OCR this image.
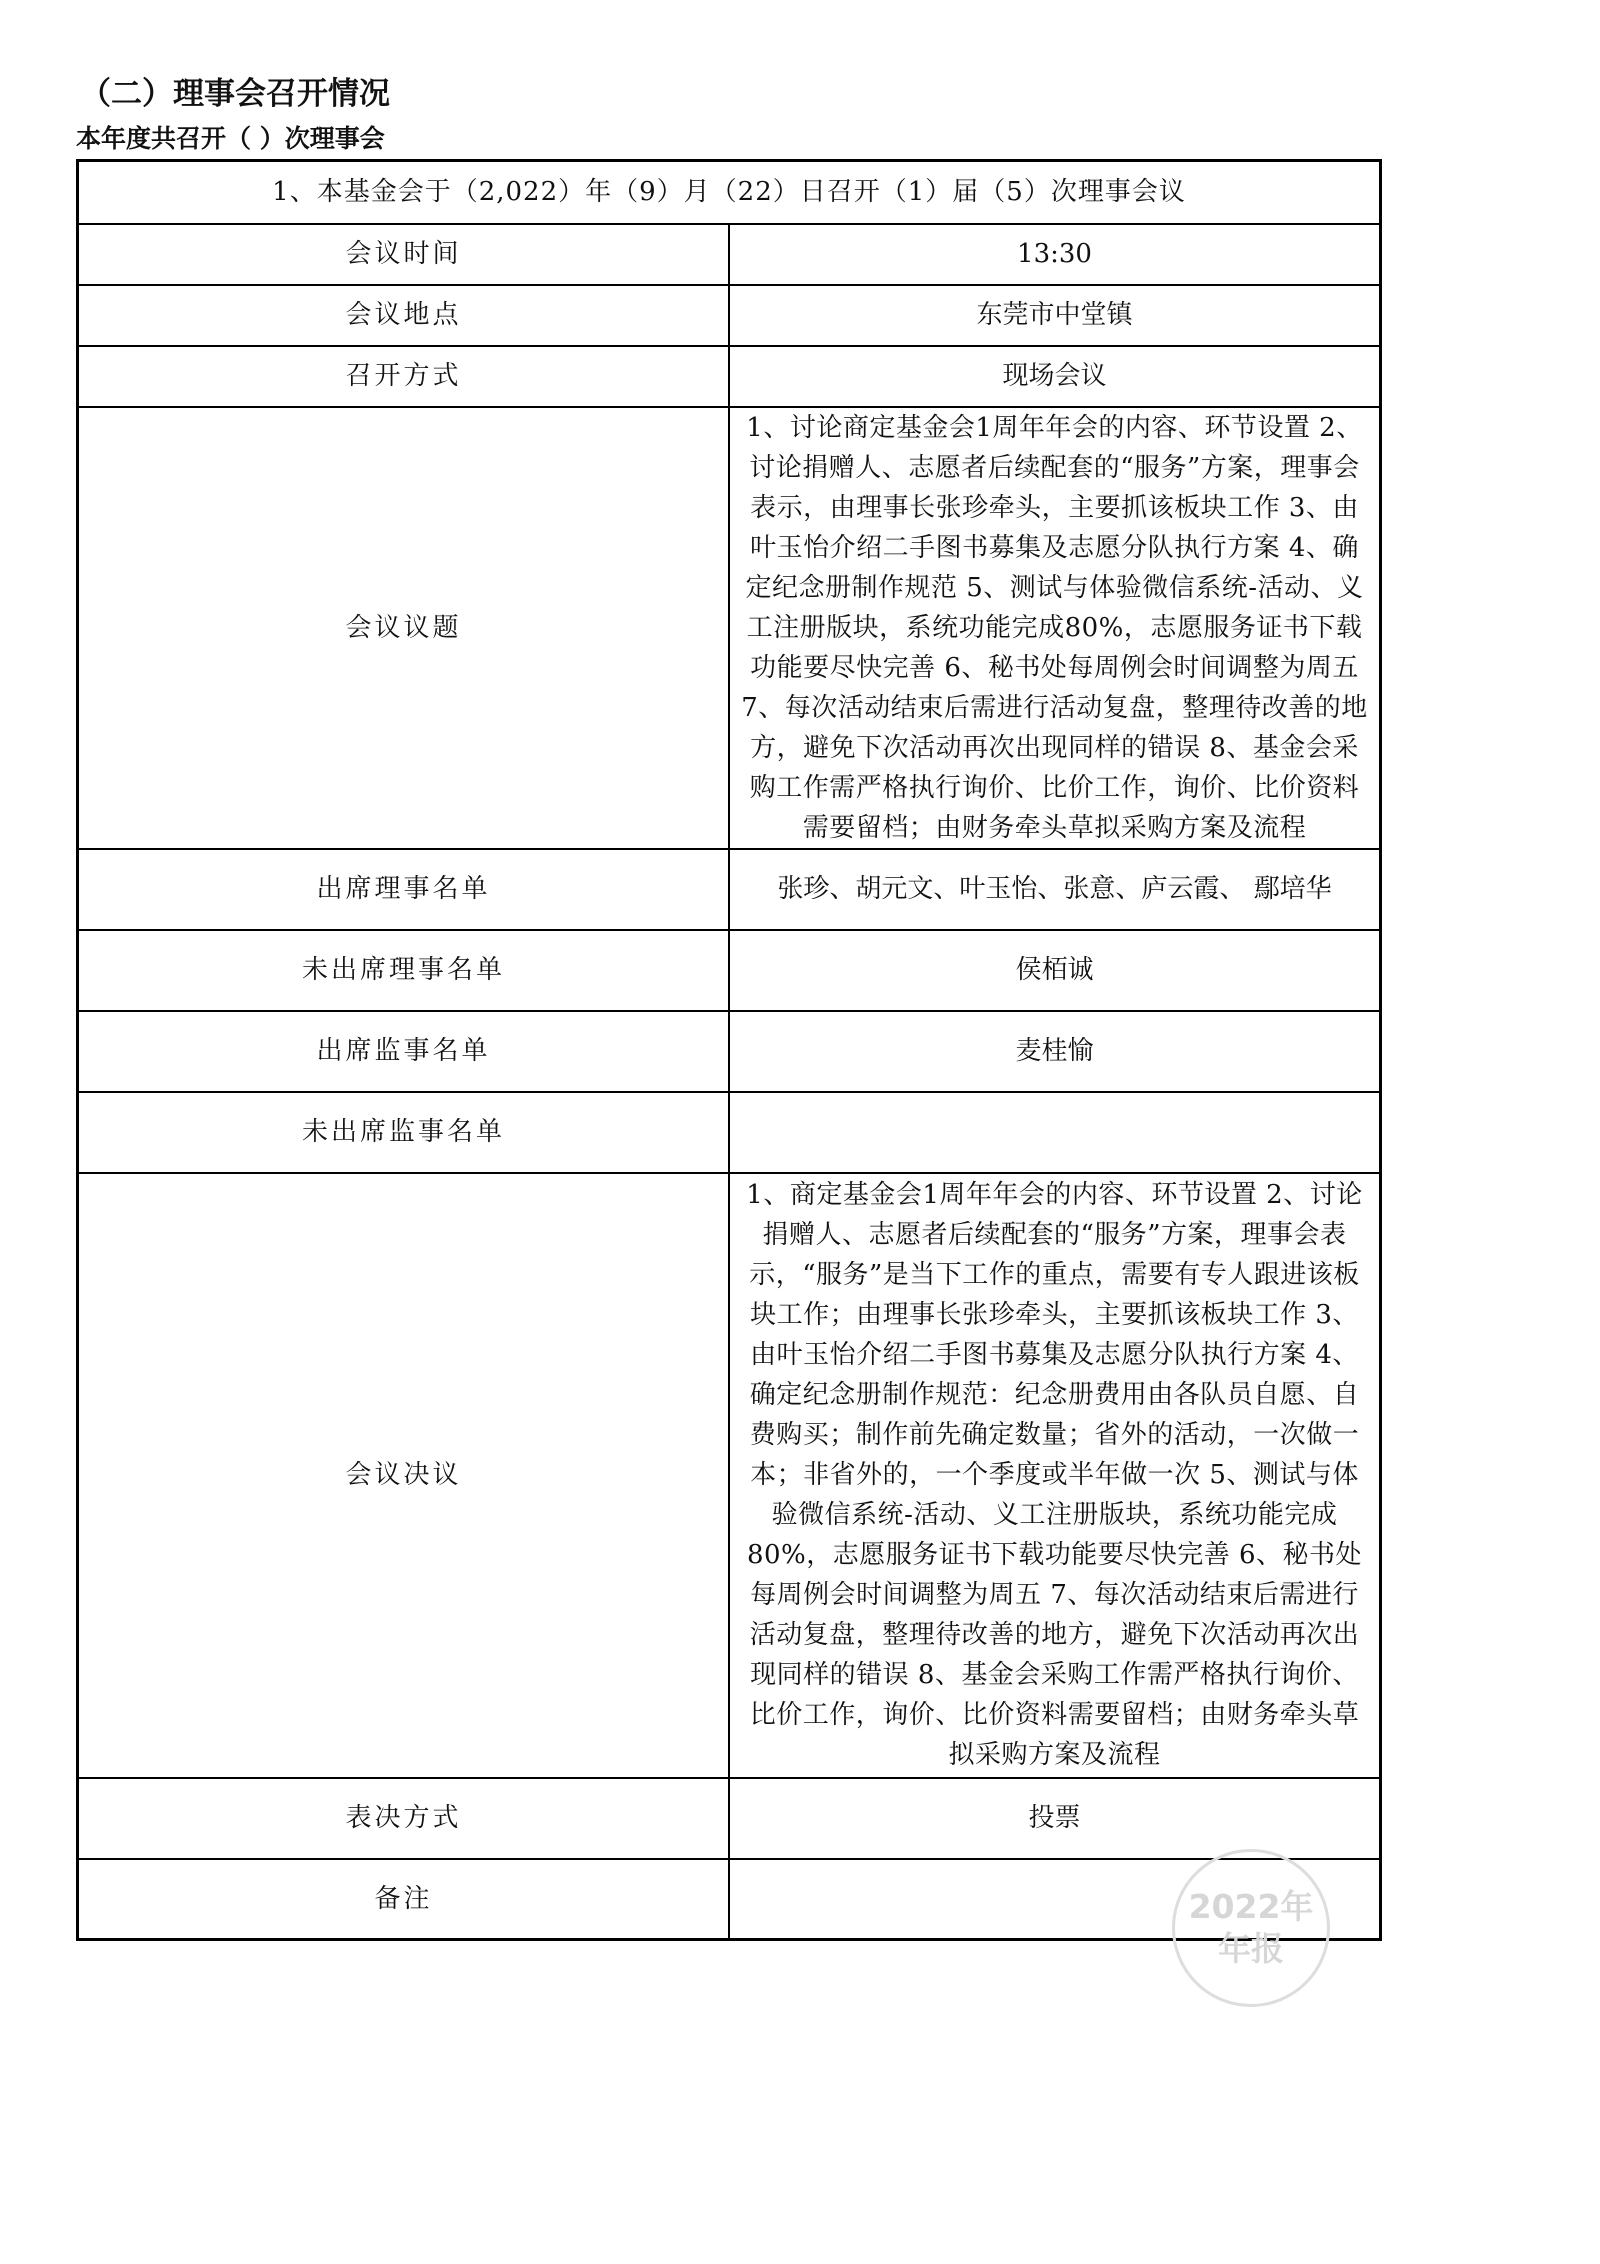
（二）理事会召开情况
本年度共召开（ ）次理事会
1、本基金会于（2,022）年（9）月（22）日召开（1）届（5）次理事会议	
会议时间	13:30
会议地点	东莞市中堂镇
召开方式	现场会议
会议议题	1、讨论商定基金会1周年年会的内容、环节设置 2、讨论捐赠人、志愿者后续配套的“服务”方案，理事会表示，由理事长张珍牵头，主要抓该板块工作 3、由叶玉怡介绍二手图书募集及志愿分队执行方案 4、确定纪念册制作规范 5、测试与体验微信系统-活动、义工注册版块，系统功能完成80%，志愿服务证书下载功能要尽快完善 6、秘书处每周例会时间调整为周五 7、每次活动结束后需进行活动复盘，整理待改善的地方，避免下次活动再次出现同样的错误 8、基金会采购工作需严格执行询价、比价工作，询价、比价资料需要留档；由财务牵头草拟采购方案及流程
出席理事名单	张珍、胡元文、叶玉怡、张意、庐云霞、 鄢培华
未出席理事名单	侯栢诚
出席监事名单	麦桂愉
未出席监事名单	
会议决议	1、商定基金会1周年年会的内容、环节设置 2、讨论捐赠人、志愿者后续配套的“服务”方案，理事会表示，“服务”是当下工作的重点，需要有专人跟进该板块工作；由理事长张珍牵头，主要抓该板块工作 3、由叶玉怡介绍二手图书募集及志愿分队执行方案 4、确定纪念册制作规范：纪念册费用由各队员自愿、自费购买；制作前先确定数量；省外的活动，一次做一本；非省外的，一个季度或半年做一次 5、测试与体验微信系统-活动、义工注册版块，系统功能完成80%，志愿服务证书下载功能要尽快完善 6、秘书处每周例会时间调整为周五 7、每次活动结束后需进行活动复盘，整理待改善的地方，避免下次活动再次出现同样的错误 8、基金会采购工作需严格执行询价、比价工作，询价、比价资料需要留档；由财务牵头草拟采购方案及流程
表决方式	投票
备注		2022年
年报
